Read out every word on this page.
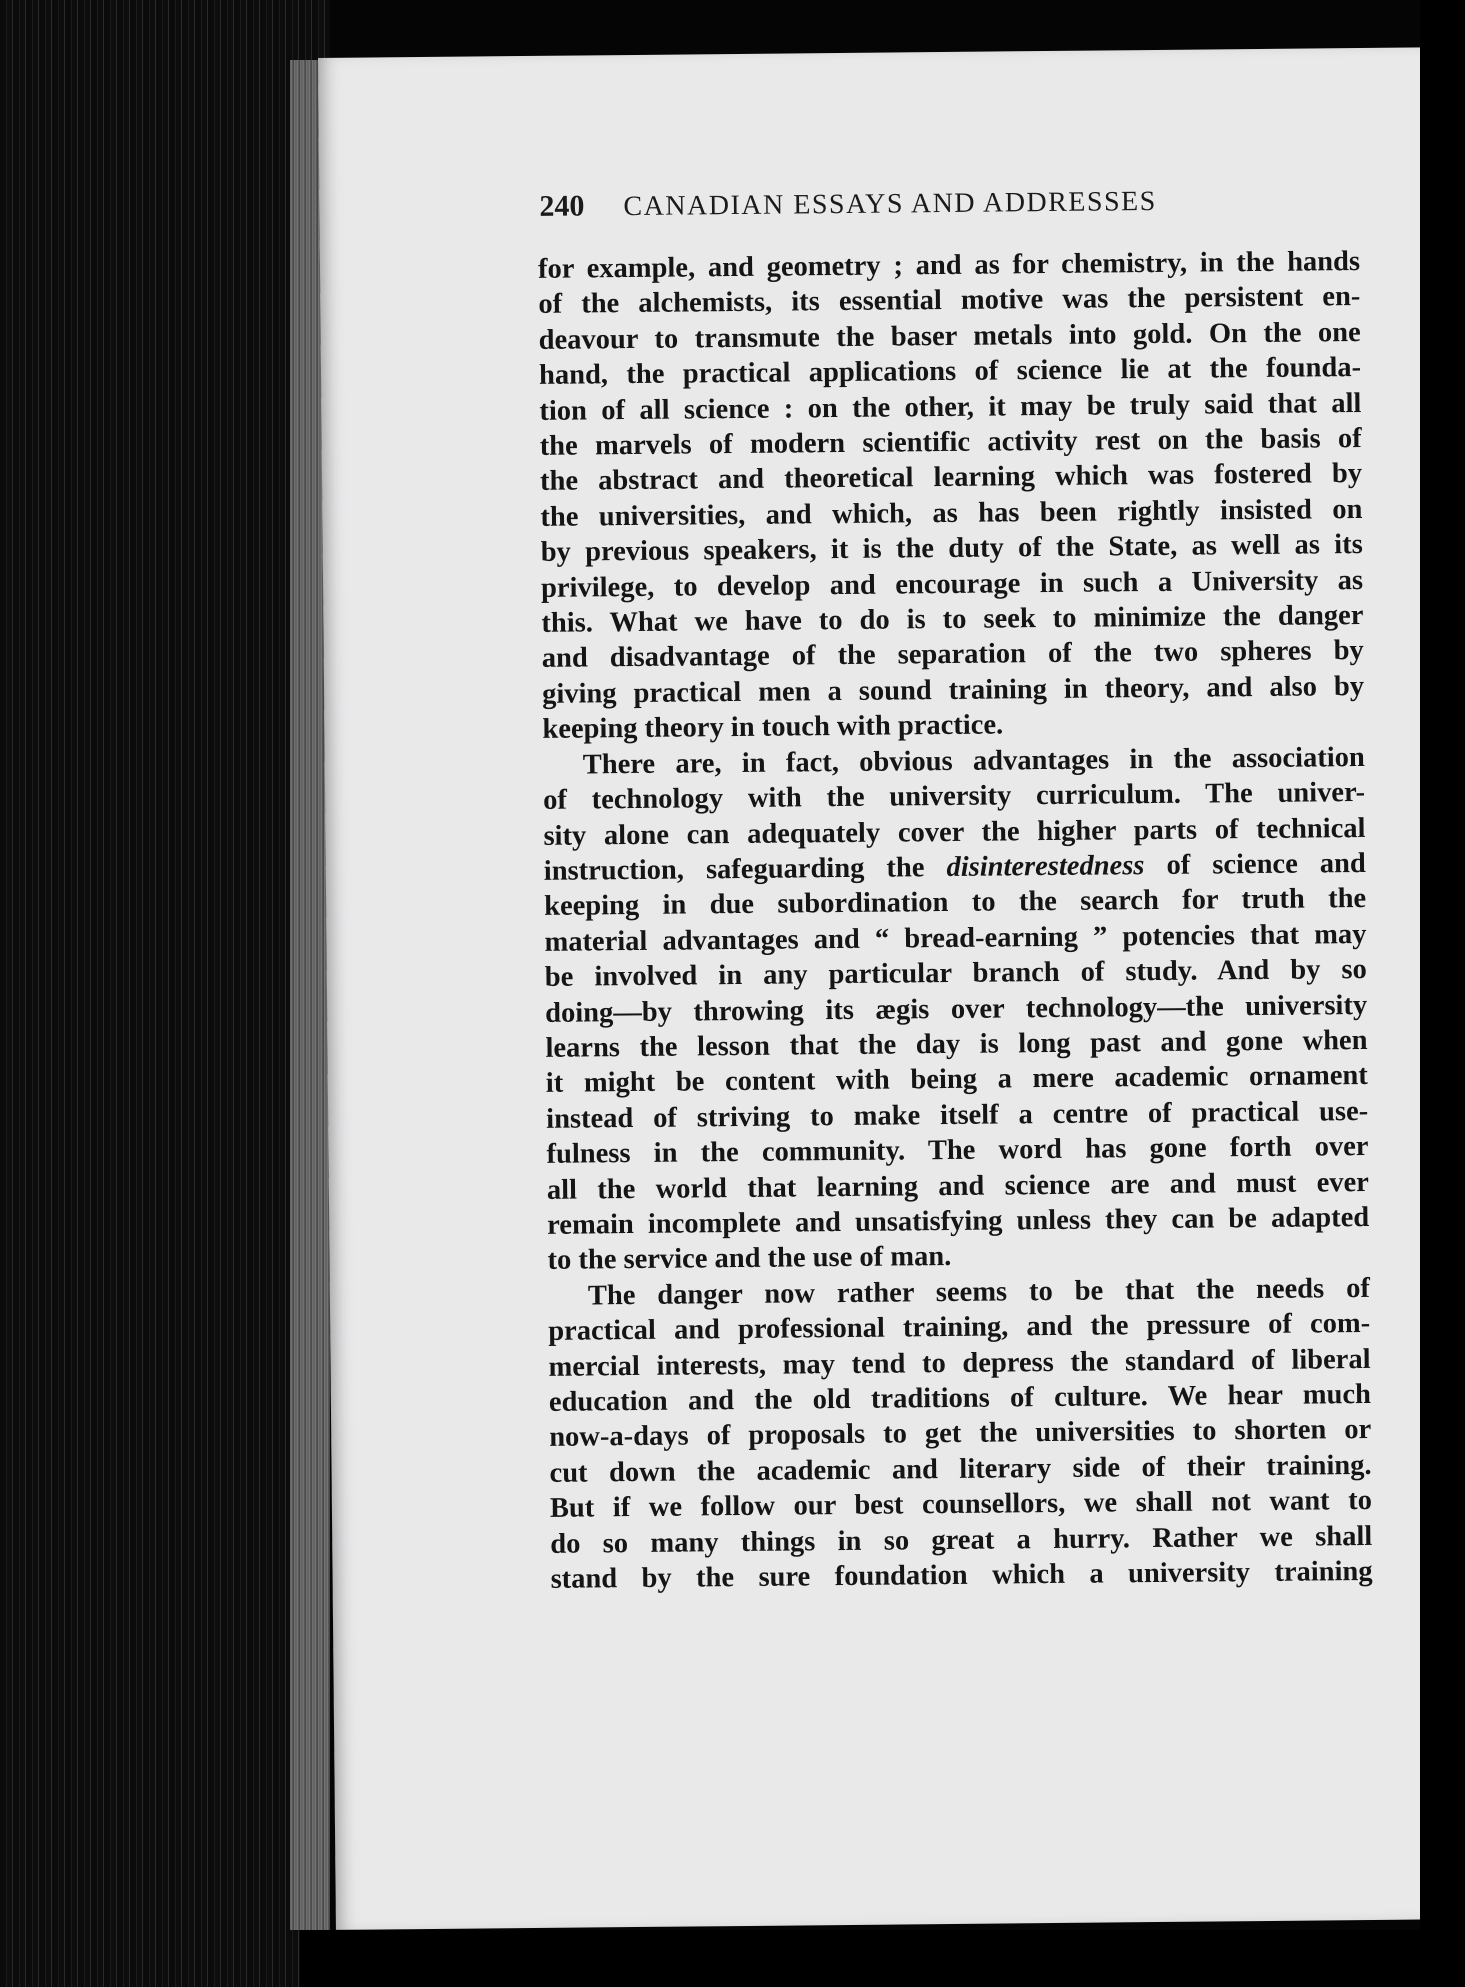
240 CANADIAN ESSAYS AND ADDRESSES
for example, and geometry ; and as for chemistry, in the hands
of the alchemists, its essential motive was the persistent en-
deavour to transmute the baser metals into gold. On the one
hand, the practical applications of science lie at the founda-
tion of all science : on the other, it may be truly said that all
the marvels of modern scientific activity rest on the basis of
the abstract and theoretical learning which was fostered by
the universities, and which, as has been rightly insisted on
by previous speakers, it is the duty of the State, as well as its
privilege, to develop and encourage in such a University as
this. What we have to do is to seek to minimize the danger
and disadvantage of the separation of the two spheres by
giving practical men a sound training in theory, and also by
keeping theory in touch with practice.
There are, in fact, obvious advantages in the association
of technology with the university curriculum. The univer-
sity alone can adequately cover the higher parts of technical
instruction, safeguarding the disinterestedness of science and
keeping in due subordination to the search for truth the
material advantages and “ bread-earning ” potencies that may
be involved in any particular branch of study. And by so
doing—by throwing its ægis over technology—the university
learns the lesson that the day is long past and gone when
it might be content with being a mere academic ornament
instead of striving to make itself a centre of practical use-
fulness in the community. The word has gone forth over
all the world that learning and science are and must ever
remain incomplete and unsatisfying unless they can be adapted
to the service and the use of man.
The danger now rather seems to be that the needs of
practical and professional training, and the pressure of com-
mercial interests, may tend to depress the standard of liberal
education and the old traditions of culture. We hear much
now-a-days of proposals to get the universities to shorten or
cut down the academic and literary side of their training.
But if we follow our best counsellors, we shall not want to
do so many things in so great a hurry. Rather we shall
stand by the sure foundation which a university training
